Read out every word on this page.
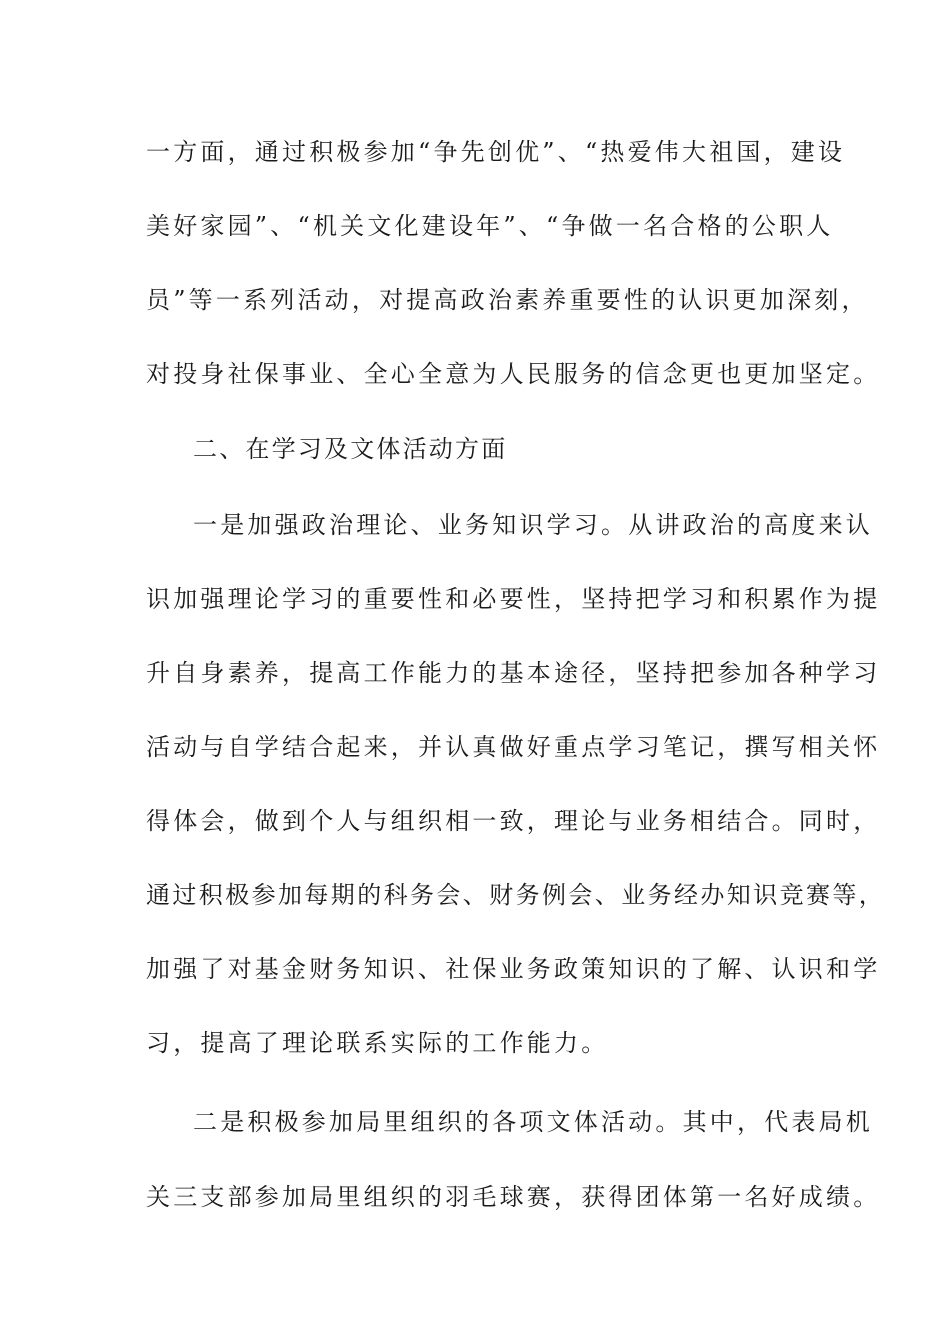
一方面，通过积极参加“争先创优”、“热爱伟大祖国，建设
美好家园”、“机关文化建设年”、“争做一名合格的公职人
员”等一系列活动，对提高政治素养重要性的认识更加深刻，
对投身社保事业、全心全意为人民服务的信念更也更加坚定。
二、在学习及文体活动方面
一是加强政治理论、业务知识学习。从讲政治的高度来认
识加强理论学习的重要性和必要性，坚持把学习和积累作为提
升自身素养，提高工作能力的基本途径，坚持把参加各种学习
活动与自学结合起来，并认真做好重点学习笔记，撰写相关怀
得体会，做到个人与组织相一致，理论与业务相结合。同时，
通过积极参加每期的科务会、财务例会、业务经办知识竞赛等，
加强了对基金财务知识、社保业务政策知识的了解、认识和学
习，提高了理论联系实际的工作能力。
二是积极参加局里组织的各项文体活动。其中，代表局机
关三支部参加局里组织的羽毛球赛，获得团体第一名好成绩。
